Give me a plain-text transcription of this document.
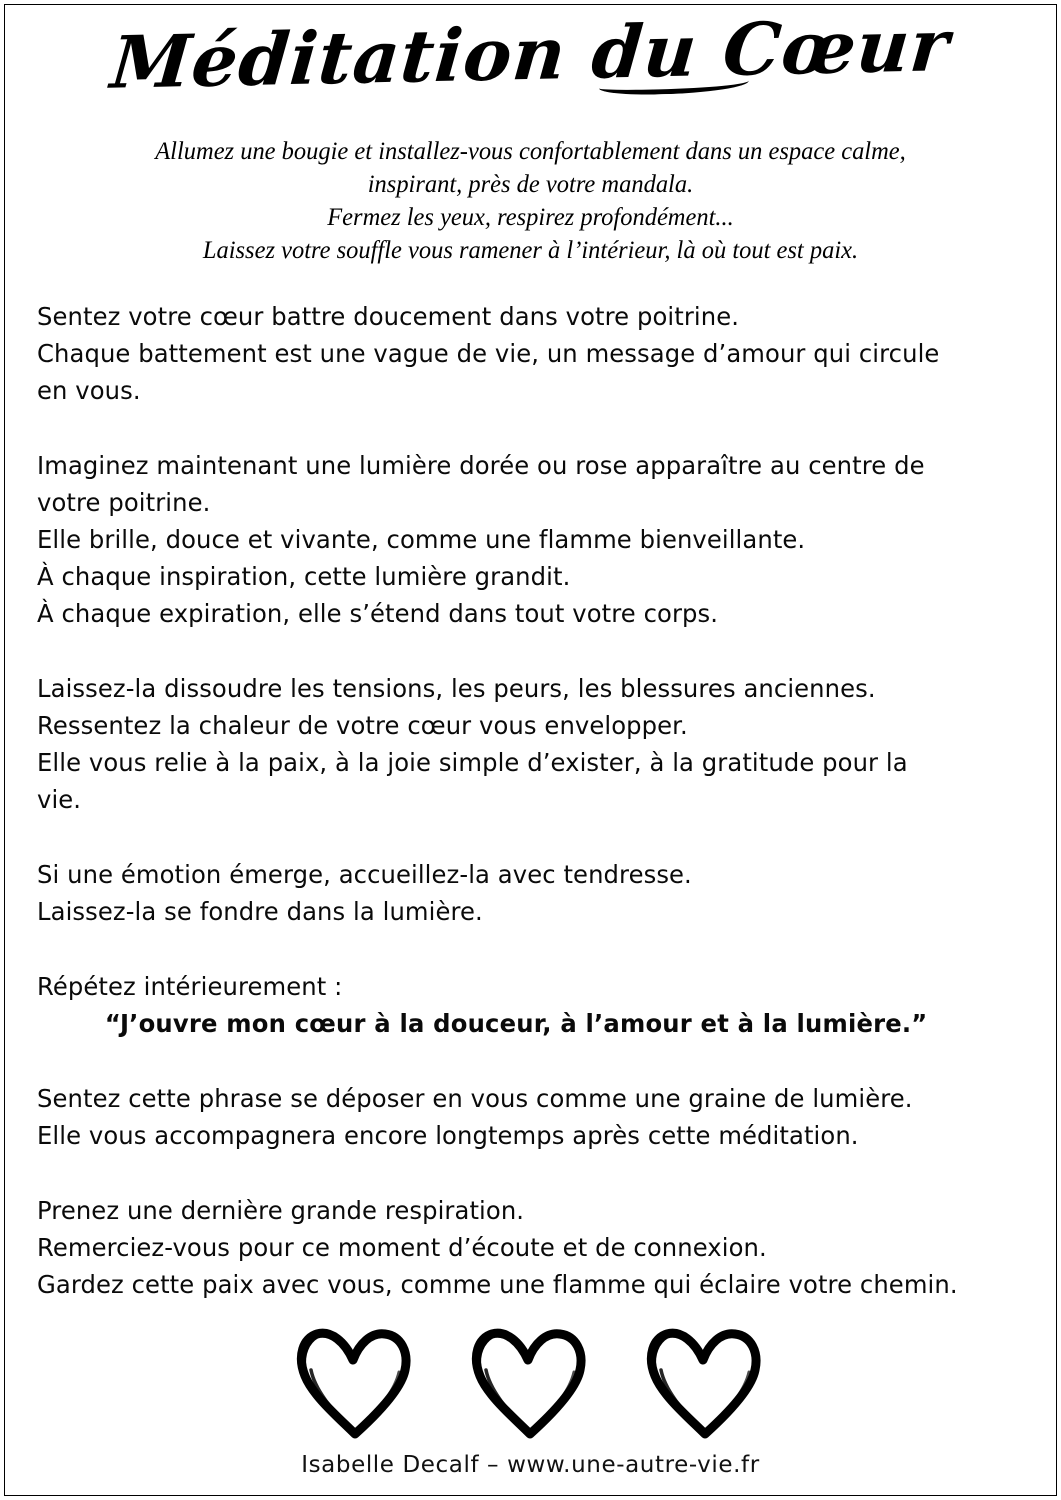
Méditation du Cœur
Allumez une bougie et installez-vous confortablement dans un espace calme,
inspirant, près de votre mandala.
Fermez les yeux, respirez profondément...
Laissez votre souffle vous ramener à l’intérieur, là où tout est paix.

Sentez votre cœur battre doucement dans votre poitrine.
Chaque battement est une vague de vie, un message d’amour qui circule
en vous.

Imaginez maintenant une lumière dorée ou rose apparaître au centre de
votre poitrine.
Elle brille, douce et vivante, comme une flamme bienveillante.
À chaque inspiration, cette lumière grandit.
À chaque expiration, elle s’étend dans tout votre corps.

Laissez-la dissoudre les tensions, les peurs, les blessures anciennes.
Ressentez la chaleur de votre cœur vous envelopper.
Elle vous relie à la paix, à la joie simple d’exister, à la gratitude pour la
vie.

Si une émotion émerge, accueillez-la avec tendresse.
Laissez-la se fondre dans la lumière.

Répétez intérieurement :
“J’ouvre mon cœur à la douceur, à l’amour et à la lumière.”

Sentez cette phrase se déposer en vous comme une graine de lumière.
Elle vous accompagnera encore longtemps après cette méditation.

Prenez une dernière grande respiration.
Remerciez-vous pour ce moment d’écoute et de connexion.
Gardez cette paix avec vous, comme une flamme qui éclaire votre chemin.

Isabelle Decalf – www.une-autre-vie.fr
